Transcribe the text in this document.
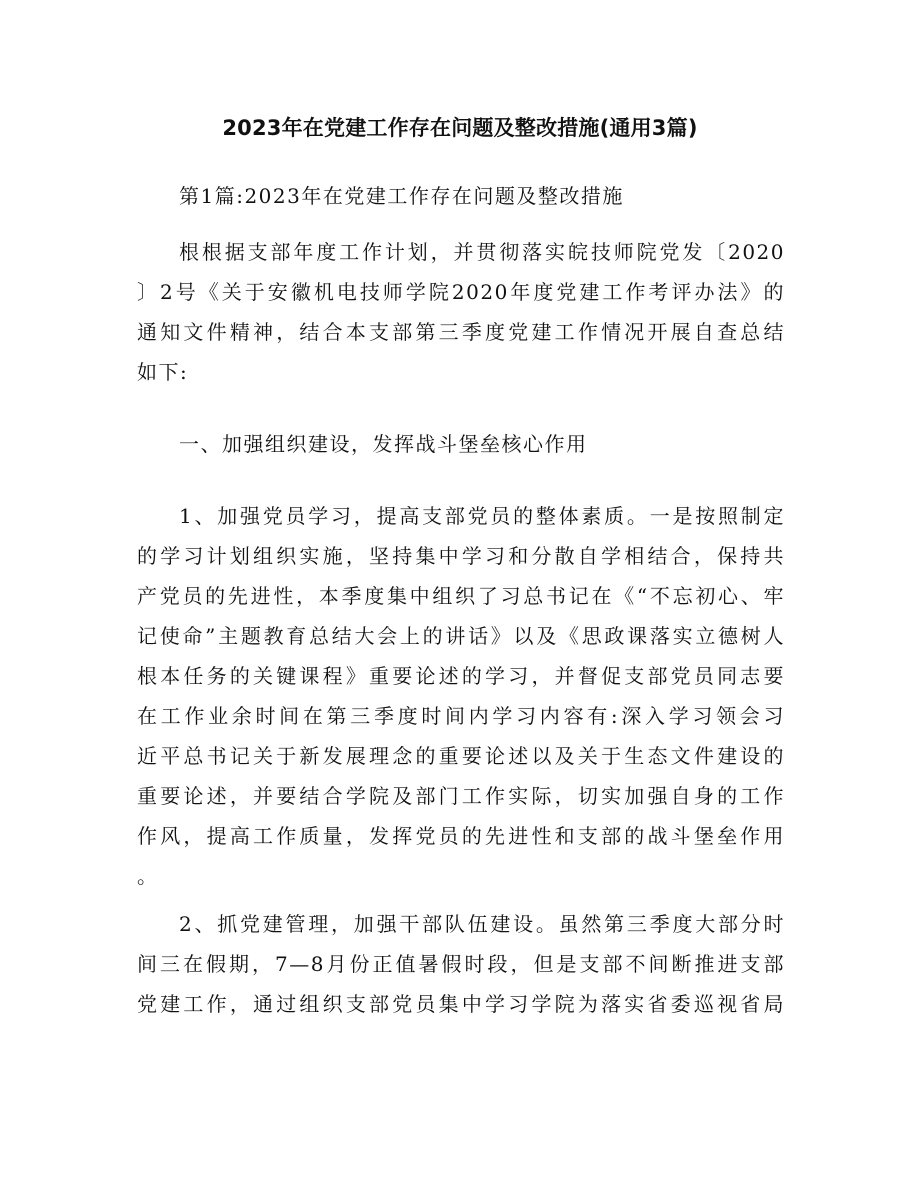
2023年在党建工作存在问题及整改措施(通用3篇)
第1篇:2023年在党建工作存在问题及整改措施
根根据支部年度工作计划，并贯彻落实皖技师院党发〔2020
〕2号《关于安徽机电技师学院2020年度党建工作考评办法》的
通知文件精神，结合本支部第三季度党建工作情况开展自查总结
如下:
一、加强组织建设，发挥战斗堡垒核心作用
1、加强党员学习，提高支部党员的整体素质。一是按照制定
的学习计划组织实施，坚持集中学习和分散自学相结合，保持共
产党员的先进性，本季度集中组织了习总书记在《“不忘初心、牢
记使命”主题教育总结大会上的讲话》以及《思政课落实立德树人
根本任务的关键课程》重要论述的学习，并督促支部党员同志要
在工作业余时间在第三季度时间内学习内容有:深入学习领会习
近平总书记关于新发展理念的重要论述以及关于生态文件建设的
重要论述，并要结合学院及部门工作实际，切实加强自身的工作
作风，提高工作质量，发挥党员的先进性和支部的战斗堡垒作用
。
2、抓党建管理，加强干部队伍建设。虽然第三季度大部分时
间三在假期，7—8月份正值暑假时段，但是支部不间断推进支部
党建工作，通过组织支部党员集中学习学院为落实省委巡视省局
